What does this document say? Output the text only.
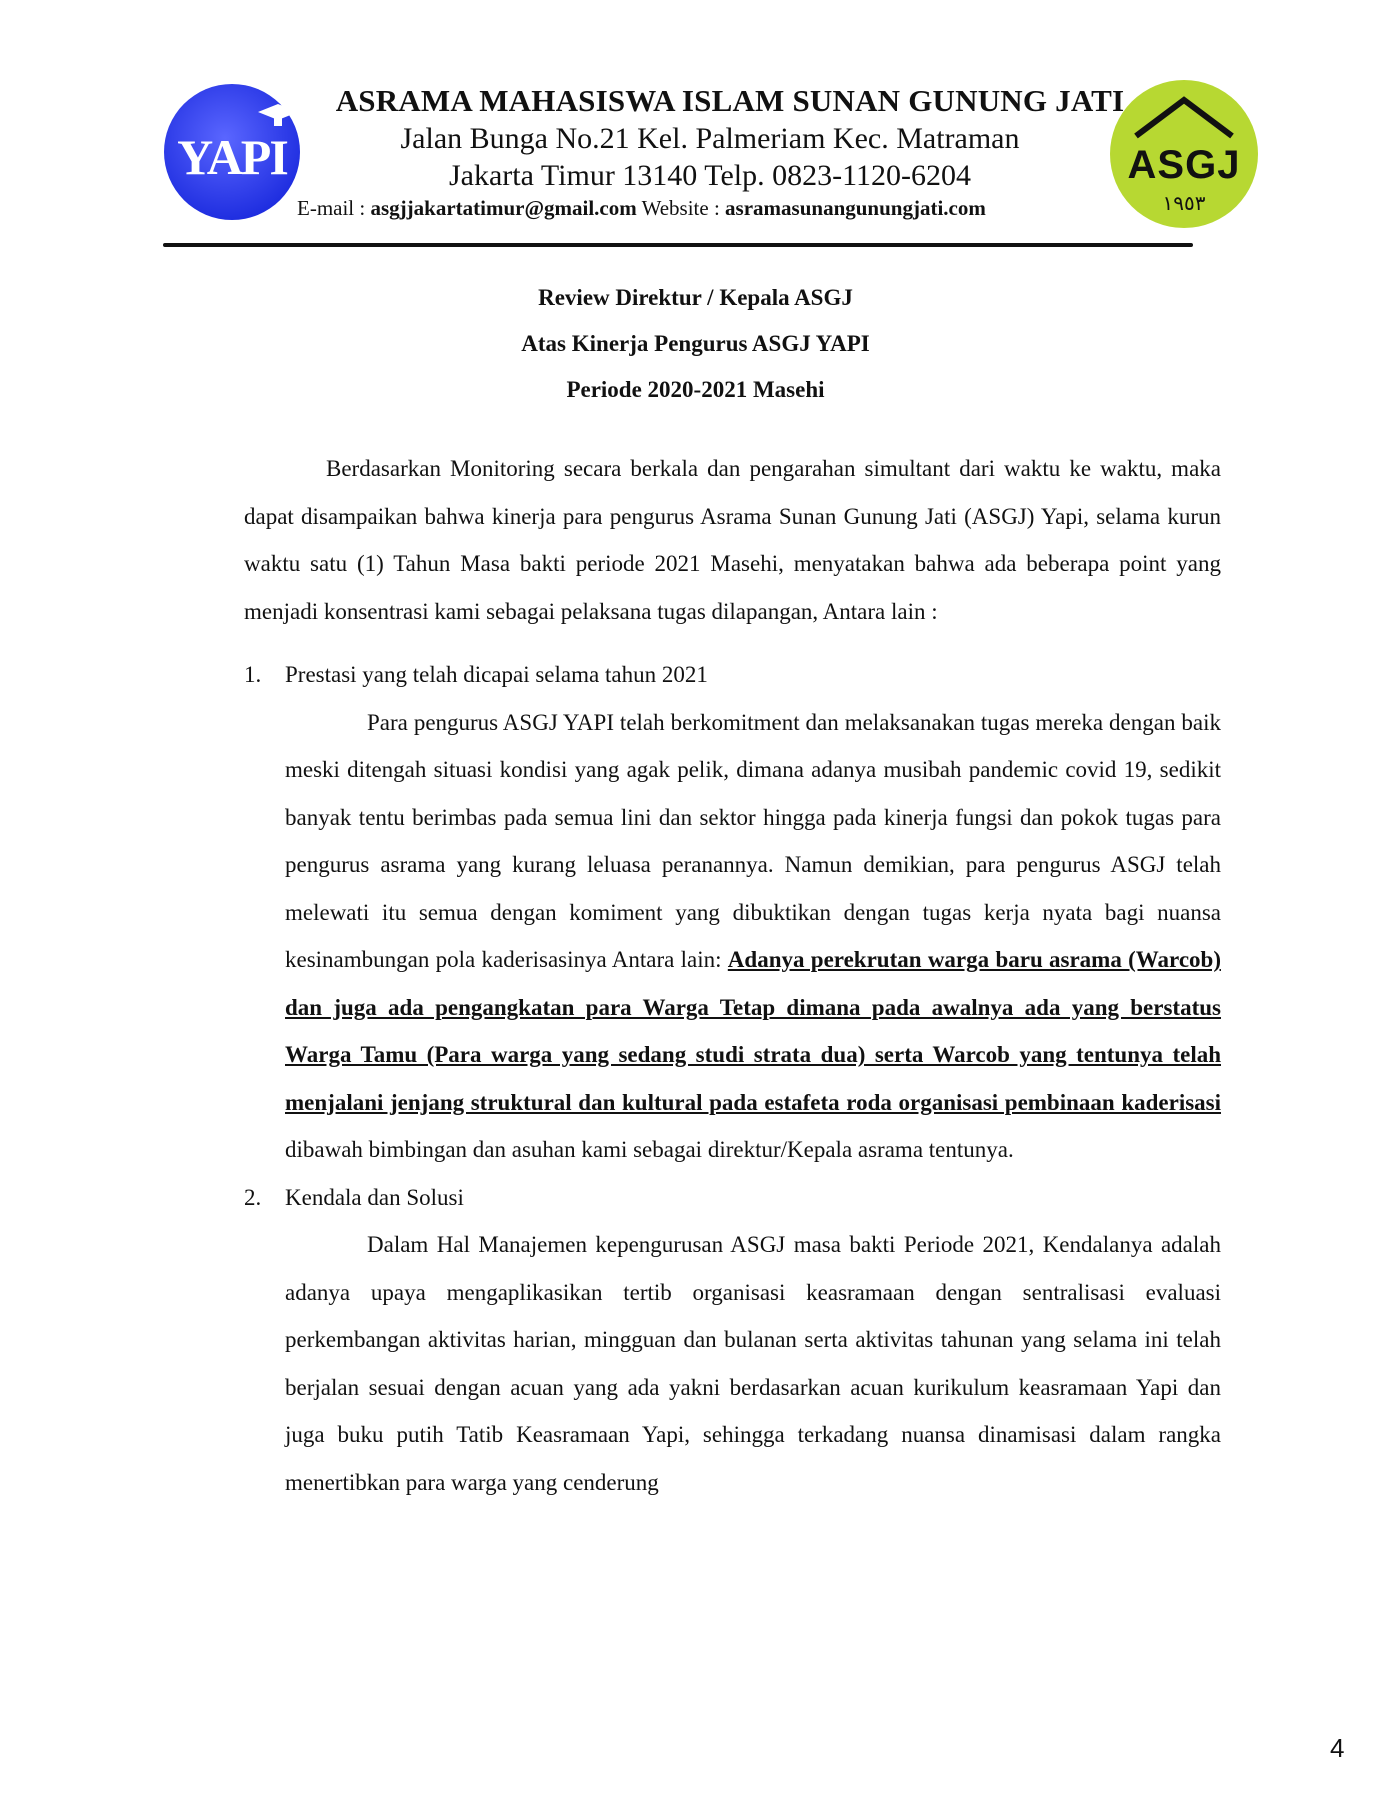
YAPI
ASRAMA MAHASISWA ISLAM SUNAN GUNUNG JATI
Jalan Bunga No.21 Kel. Palmeriam Kec. Matraman
Jakarta Timur 13140 Telp. 0823-1120-6204
E-mail : asgjjakartatimur@gmail.com Website : asramasunangunungjati.com
ASGJ
١٩٥٣
Review Direktur / Kepala ASGJ
Atas Kinerja Pengurus ASGJ YAPI
Periode 2020-2021 Masehi

Berdasarkan Monitoring secara berkala dan pengarahan simultant dari waktu ke waktu, maka dapat disampaikan bahwa kinerja para pengurus Asrama Sunan Gunung Jati (ASGJ) Yapi, selama kurun waktu satu (1) Tahun Masa bakti periode 2021 Masehi, menyatakan bahwa ada beberapa point yang menjadi konsentrasi kami sebagai pelaksana tugas dilapangan, Antara lain :

1. Prestasi yang telah dicapai selama tahun 2021

Para pengurus ASGJ YAPI telah berkomitment dan melaksanakan tugas mereka dengan baik meski ditengah situasi kondisi yang agak pelik, dimana adanya musibah pandemic covid 19, sedikit banyak tentu berimbas pada semua lini dan sektor hingga pada kinerja fungsi dan pokok tugas para pengurus asrama yang kurang leluasa peranannya. Namun demikian, para pengurus ASGJ telah melewati itu semua dengan komiment yang dibuktikan dengan tugas kerja nyata bagi nuansa kesinambungan pola kaderisasinya Antara lain: Adanya perekrutan warga baru asrama (Warcob) dan juga ada pengangkatan para Warga Tetap dimana pada awalnya ada yang berstatus Warga Tamu (Para warga yang sedang studi strata dua) serta Warcob yang tentunya telah menjalani jenjang struktural dan kultural pada estafeta roda organisasi pembinaan kaderisasi dibawah bimbingan dan asuhan kami sebagai direktur/Kepala asrama tentunya.

2. Kendala dan Solusi

Dalam Hal Manajemen kepengurusan ASGJ masa bakti Periode 2021, Kendalanya adalah adanya upaya mengaplikasikan tertib organisasi keasramaan dengan sentralisasi evaluasi perkembangan aktivitas harian, mingguan dan bulanan serta aktivitas tahunan yang selama ini telah berjalan sesuai dengan acuan yang ada yakni berdasarkan acuan kurikulum keasramaan Yapi dan juga buku putih Tatib Keasramaan Yapi, sehingga terkadang nuansa dinamisasi dalam rangka menertibkan para warga yang cenderung

4
